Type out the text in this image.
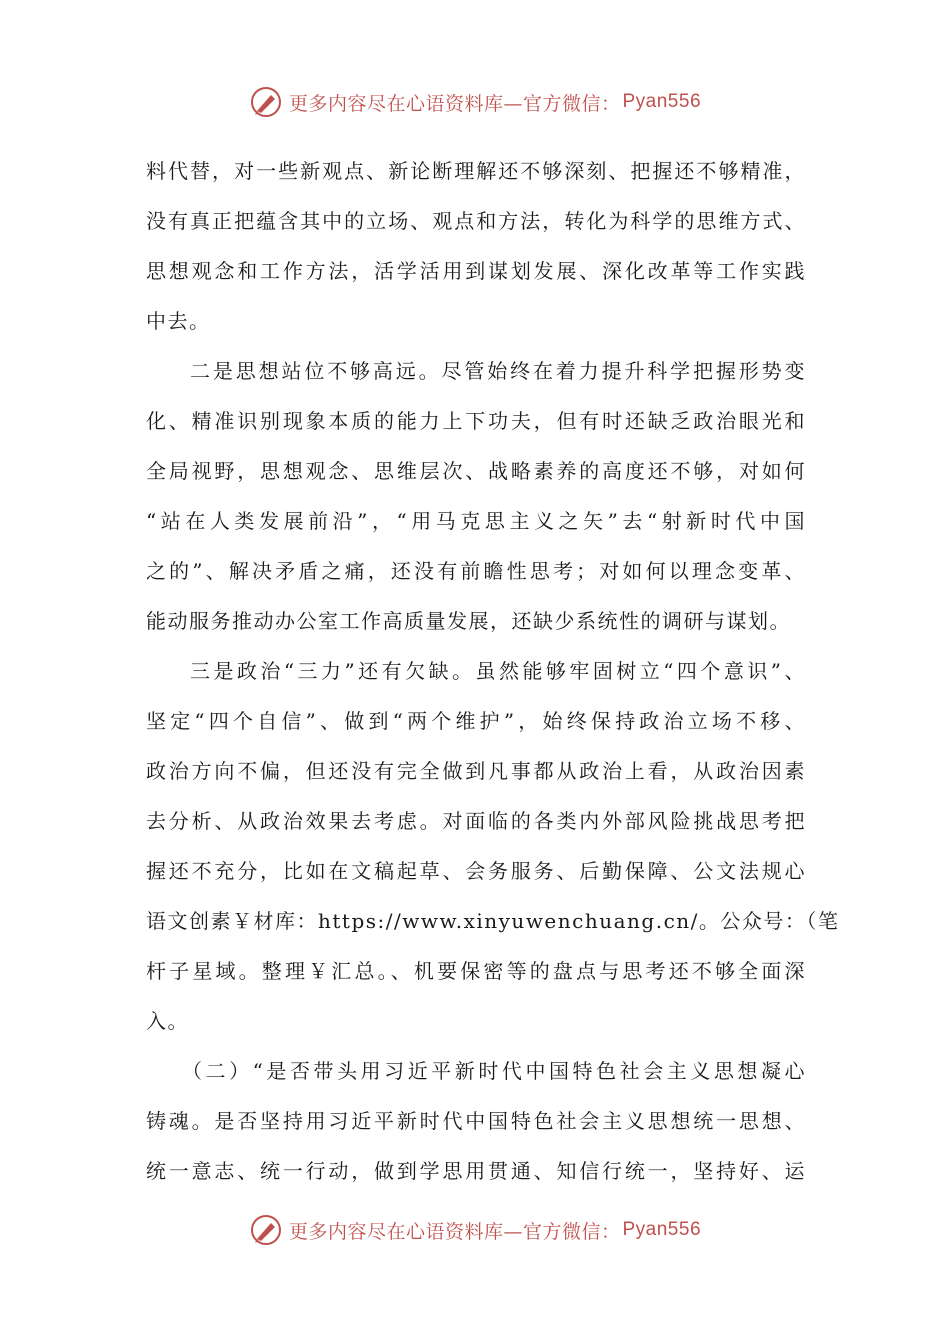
更多内容尽在心语资料库—官方微信： Pyan556
料代替，对一些新观点、新论断理解还不够深刻、把握还不够精准，
没有真正把蕴含其中的立场、观点和方法，转化为科学的思维方式、
思想观念和工作方法，活学活用到谋划发展、深化改革等工作实践
中去。
二是思想站位不够高远。尽管始终在着力提升科学把握形势变
化、精准识别现象本质的能力上下功夫，但有时还缺乏政治眼光和
全局视野，思想观念、思维层次、战略素养的高度还不够，对如何
“站在人类发展前沿”，“用马克思主义之矢”去“射新时代中国
之的”、解决矛盾之痛，还没有前瞻性思考；对如何以理念变革、
能动服务推动办公室工作高质量发展，还缺少系统性的调研与谋划。
三是政治“三力”还有欠缺。虽然能够牢固树立“四个意识”、
坚定“四个自信”、做到“两个维护”，始终保持政治立场不移、
政治方向不偏，但还没有完全做到凡事都从政治上看，从政治因素
去分析、从政治效果去考虑。对面临的各类内外部风险挑战思考把
握还不充分，比如在文稿起草、会务服务、后勤保障、公文法规心
语文创素￥材库：https://www.xinyuwenchuang.cn/。公众号：（笔
杆子星域。整理￥汇总。、机要保密等的盘点与思考还不够全面深
入。
（二）“是否带头用习近平新时代中国特色社会主义思想凝心
铸魂。是否坚持用习近平新时代中国特色社会主义思想统一思想、
统一意志、统一行动，做到学思用贯通、知信行统一，坚持好、运
更多内容尽在心语资料库—官方微信： Pyan556
